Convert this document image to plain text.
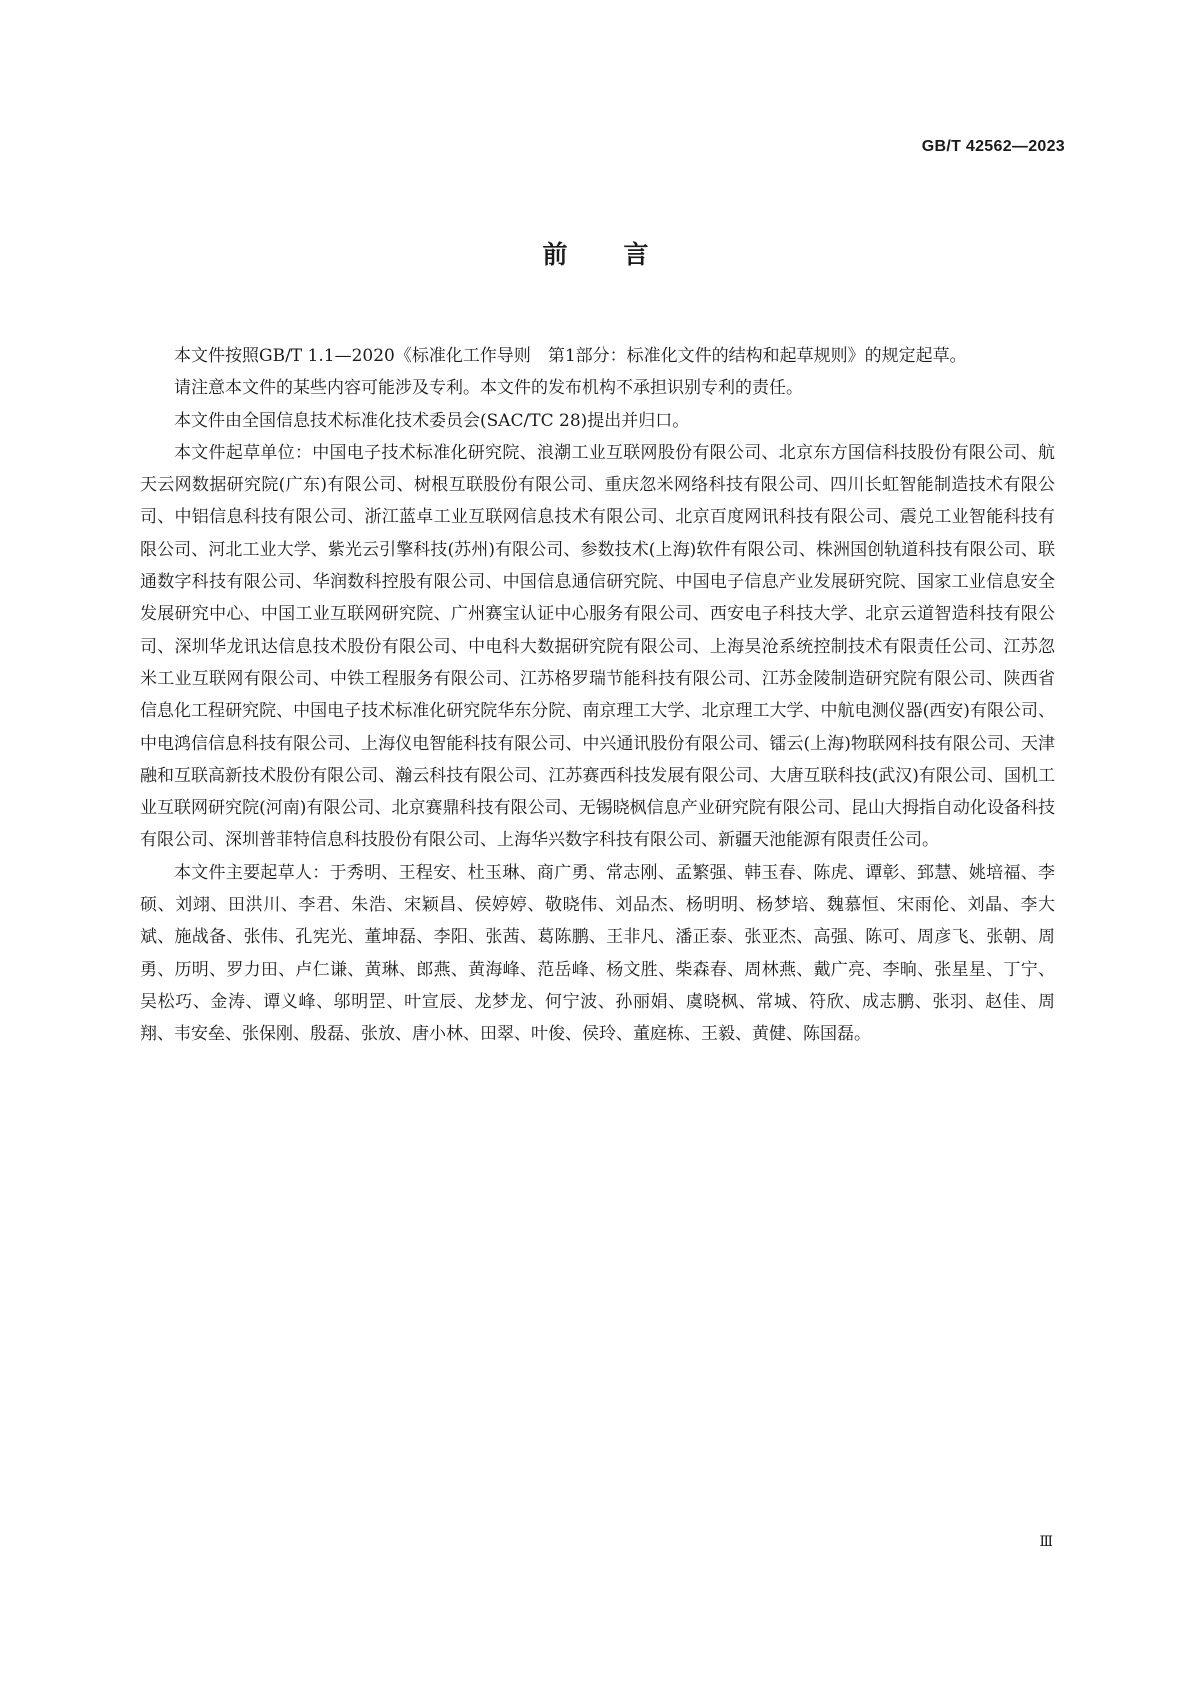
GB/T 42562—2023

前言

本文件按照GB/T 1.1—2020《标准化工作导则　第1部分：标准化文件的结构和起草规则》的规定起草。

请注意本文件的某些内容可能涉及专利。本文件的发布机构不承担识别专利的责任。

本文件由全国信息技术标准化技术委员会(SAC/TC 28)提出并归口。

本文件起草单位：中国电子技术标准化研究院、浪潮工业互联网股份有限公司、北京东方国信科技股份有限公司、航天云网数据研究院(广东)有限公司、树根互联股份有限公司、重庆忽米网络科技有限公司、四川长虹智能制造技术有限公司、中铝信息科技有限公司、浙江蓝卓工业互联网信息技术有限公司、北京百度网讯科技有限公司、震兑工业智能科技有限公司、河北工业大学、紫光云引擎科技(苏州)有限公司、参数技术(上海)软件有限公司、株洲国创轨道科技有限公司、联通数字科技有限公司、华润数科控股有限公司、中国信息通信研究院、中国电子信息产业发展研究院、国家工业信息安全发展研究中心、中国工业互联网研究院、广州赛宝认证中心服务有限公司、西安电子科技大学、北京云道智造科技有限公司、深圳华龙讯达信息技术股份有限公司、中电科大数据研究院有限公司、上海昊沧系统控制技术有限责任公司、江苏忽米工业互联网有限公司、中铁工程服务有限公司、江苏格罗瑞节能科技有限公司、江苏金陵制造研究院有限公司、陕西省信息化工程研究院、中国电子技术标准化研究院华东分院、南京理工大学、北京理工大学、中航电测仪器(西安)有限公司、中电鸿信信息科技有限公司、上海仪电智能科技有限公司、中兴通讯股份有限公司、镭云(上海)物联网科技有限公司、天津融和互联高新技术股份有限公司、瀚云科技有限公司、江苏赛西科技发展有限公司、大唐互联科技(武汉)有限公司、国机工业互联网研究院(河南)有限公司、北京赛鼎科技有限公司、无锡晓枫信息产业研究院有限公司、昆山大拇指自动化设备科技有限公司、深圳普菲特信息科技股份有限公司、上海华兴数字科技有限公司、新疆天池能源有限责任公司。

本文件主要起草人：于秀明、王程安、杜玉琳、商广勇、常志刚、孟繁强、韩玉春、陈虎、谭彰、郅慧、姚培福、李硕、刘翊、田洪川、李君、朱浩、宋颖昌、侯婷婷、敬晓伟、刘品杰、杨明明、杨梦培、魏慕恒、宋雨伦、刘晶、李大斌、施战备、张伟、孔宪光、董坤磊、李阳、张茜、葛陈鹏、王非凡、潘正泰、张亚杰、高强、陈可、周彦飞、张朝、周勇、历明、罗力田、卢仁谦、黄琳、郎燕、黄海峰、范岳峰、杨文胜、柴森春、周林燕、戴广亮、李晌、张星星、丁宁、吴松巧、金涛、谭义峰、邬明罡、叶宣辰、龙梦龙、何宁波、孙丽娟、虞晓枫、常城、符欣、成志鹏、张羽、赵佳、周翔、韦安垒、张保刚、殷磊、张放、唐小林、田翠、叶俊、侯玲、董庭栋、王毅、黄健、陈国磊。

Ⅲ
